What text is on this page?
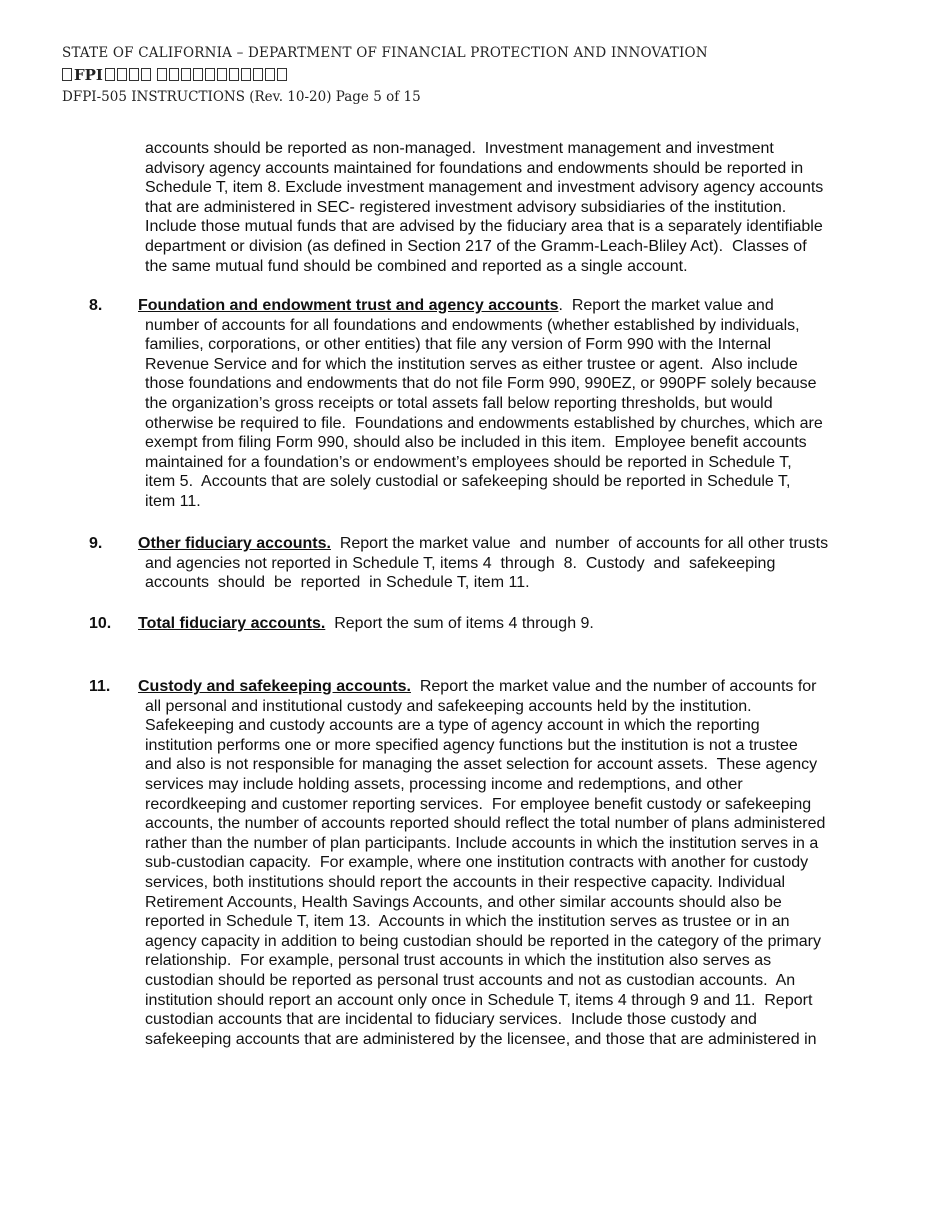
STATE OF CALIFORNIA – DEPARTMENT OF FINANCIAL PROTECTION AND INNOVATION
FPI
DFPI-505 INSTRUCTIONS (Rev. 10-20) Page 5 of 15
accounts should be reported as non-managed.  Investment management and investment
advisory agency accounts maintained for foundations and endowments should be reported in
Schedule T, item 8. Exclude investment management and investment advisory agency accounts
that are administered in SEC- registered investment advisory subsidiaries of the institution.
Include those mutual funds that are advised by the fiduciary area that is a separately identifiable
department or division (as defined in Section 217 of the Gramm-Leach-Bliley Act).  Classes of
the same mutual fund should be combined and reported as a single account.
8. Foundation and endowment trust and agency accounts.  Report the market value and
number of accounts for all foundations and endowments (whether established by individuals,
families, corporations, or other entities) that file any version of Form 990 with the Internal
Revenue Service and for which the institution serves as either trustee or agent.  Also include
those foundations and endowments that do not file Form 990, 990EZ, or 990PF solely because
the organization’s gross receipts or total assets fall below reporting thresholds, but would
otherwise be required to file.  Foundations and endowments established by churches, which are
exempt from filing Form 990, should also be included in this item.  Employee benefit accounts
maintained for a foundation’s or endowment’s employees should be reported in Schedule T,
item 5.  Accounts that are solely custodial or safekeeping should be reported in Schedule T,
item 11.
9. Other fiduciary accounts.  Report the market value  and  number  of accounts for all other trusts
and agencies not reported in Schedule T, items 4  through  8.  Custody  and  safekeeping
accounts  should  be  reported  in Schedule T, item 11.
10. Total fiduciary accounts.  Report the sum of items 4 through 9.
11. Custody and safekeeping accounts.  Report the market value and the number of accounts for
all personal and institutional custody and safekeeping accounts held by the institution.
Safekeeping and custody accounts are a type of agency account in which the reporting
institution performs one or more specified agency functions but the institution is not a trustee
and also is not responsible for managing the asset selection for account assets.  These agency
services may include holding assets, processing income and redemptions, and other
recordkeeping and customer reporting services.  For employee benefit custody or safekeeping
accounts, the number of accounts reported should reflect the total number of plans administered
rather than the number of plan participants. Include accounts in which the institution serves in a
sub-custodian capacity.  For example, where one institution contracts with another for custody
services, both institutions should report the accounts in their respective capacity. Individual
Retirement Accounts, Health Savings Accounts, and other similar accounts should also be
reported in Schedule T, item 13.  Accounts in which the institution serves as trustee or in an
agency capacity in addition to being custodian should be reported in the category of the primary
relationship.  For example, personal trust accounts in which the institution also serves as
custodian should be reported as personal trust accounts and not as custodian accounts.  An
institution should report an account only once in Schedule T, items 4 through 9 and 11.  Report
custodian accounts that are incidental to fiduciary services.  Include those custody and
safekeeping accounts that are administered by the licensee, and those that are administered in
